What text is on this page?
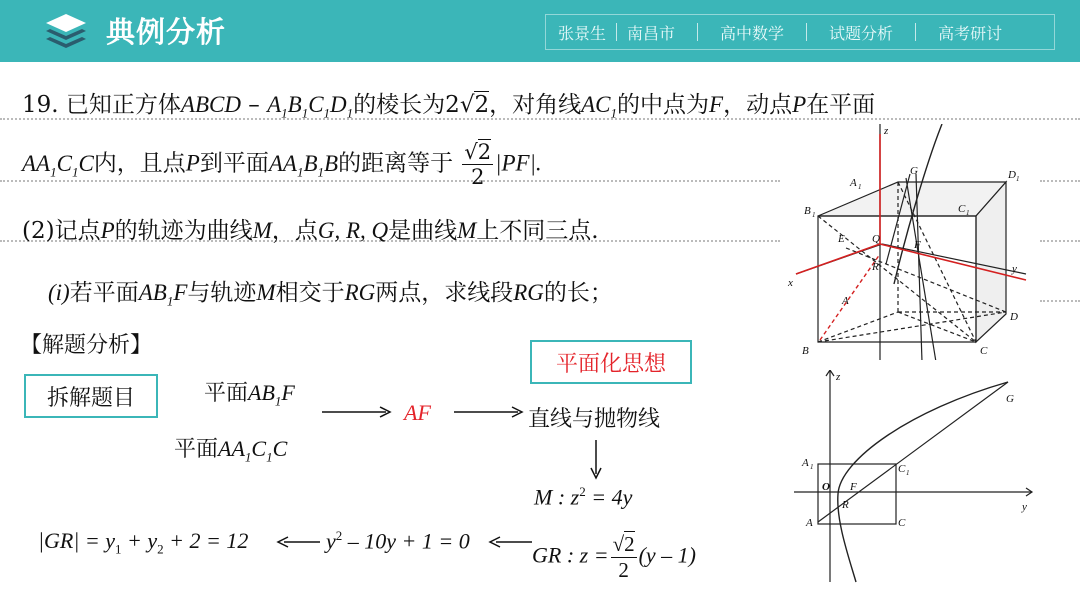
典例分析	张景生 南昌市	高中数学	试题分析	高考研讨
19. 已知正方体ABCD – $A_1B_1C_1D_1$的棱长为2√2，对角线$AC_1$的中点为F，动点P在平面
$AA_1C_1C$内，且点P到平面$AA_1B_1B$的距离等于 $\frac{√2}{2} |PF|$.
(2)记点P的轨迹为曲线M，点G, R, Q是曲线M上不同三点.
(i)若平面$AB_1F$与轨迹M相交于RG两点，求线段RG的长；
【解题分析】
拆解题目
平面化思想
平面$AB_1F$
平面$AA_1C_1C$
AF	直线与抛物线
M : $z^2 = 4y$
GR : $z = \frac{√2}{2} (y - 1)$
$y^2 - 10y + 1 = 0$
$|GR| = y_1 + y_2 + 2 = 12$
z
G
A 1
D 1
B 1	C 1
E Q	F
R
x
y
A
D
B	C
z
G
A 1	C 1
O F
R
A	C
y
